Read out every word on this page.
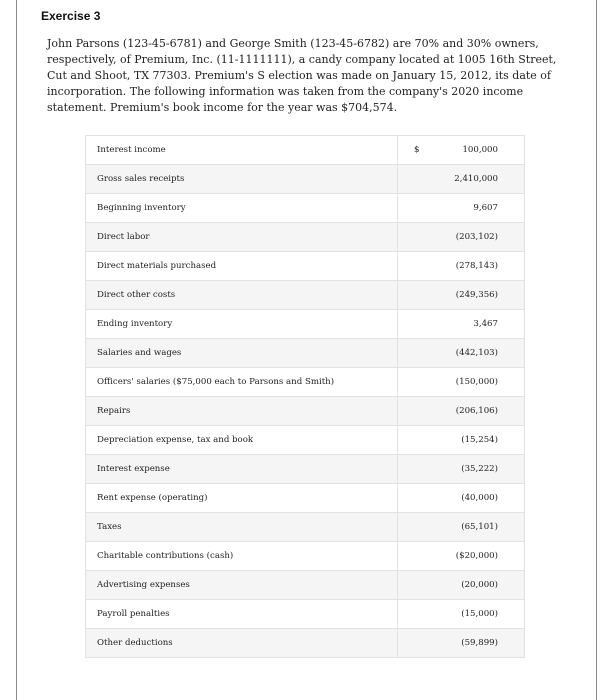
Exercise 3

John Parsons (123-45-6781) and George Smith (123-45-6782) are 70% and 30% owners,
respectively, of Premium, Inc. (11-1111111), a candy company located at 1005 16th Street,
Cut and Shoot, TX 77303. Premium's S election was made on January 15, 2012, its date of
incorporation. The following information was taken from the company's 2020 income
statement. Premium's book income for the year was $704,574.

Interest income	$ 100,000
Gross sales receipts	2,410,000
Beginning inventory	9,607
Direct labor	(203,102)
Direct materials purchased	(278,143)
Direct other costs	(249,356)
Ending inventory	3,467
Salaries and wages	(442,103)
Officers' salaries ($75,000 each to Parsons and Smith)	(150,000)
Repairs	(206,106)
Depreciation expense, tax and book	(15,254)
Interest expense	(35,222)
Rent expense (operating)	(40,000)
Taxes	(65,101)
Charitable contributions (cash)	($20,000)
Advertising expenses	(20,000)
Payroll penalties	(15,000)
Other deductions	(59,899)
